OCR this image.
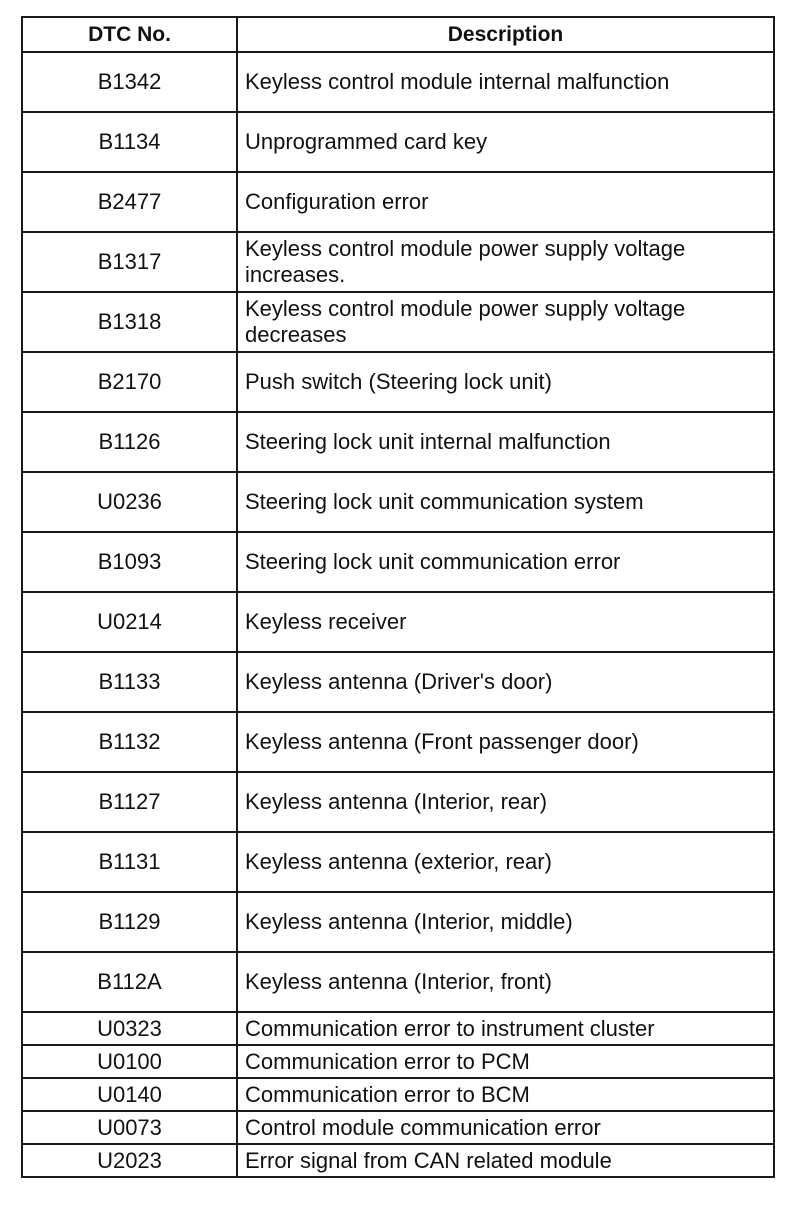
DTC No.	Description
B1342	Keyless control module internal malfunction
B1134	Unprogrammed card key
B2477	Configuration error
B1317	Keyless control module power supply voltage increases.
B1318	Keyless control module power supply voltage decreases
B2170	Push switch (Steering lock unit)
B1126	Steering lock unit internal malfunction
U0236	Steering lock unit communication system
B1093	Steering lock unit communication error
U0214	Keyless receiver
B1133	Keyless antenna (Driver's door)
B1132	Keyless antenna (Front passenger door)
B1127	Keyless antenna (Interior, rear)
B1131	Keyless antenna (exterior, rear)
B1129	Keyless antenna (Interior, middle)
B112A	Keyless antenna (Interior, front)
U0323	Communication error to instrument cluster
U0100	Communication error to PCM
U0140	Communication error to BCM
U0073	Control module communication error
U2023	Error signal from CAN related module
